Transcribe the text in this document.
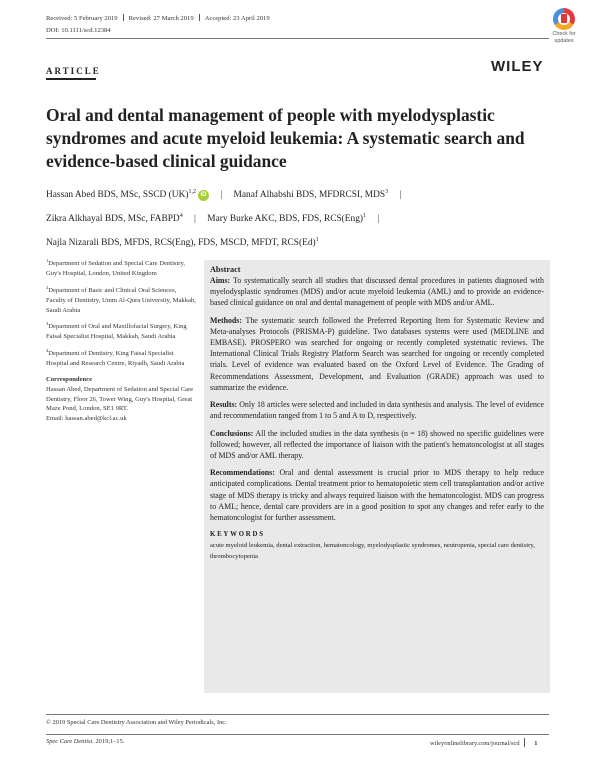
Received: 5 February 2019 Revised: 27 March 2019 Accepted: 23 April 2019
DOI: 10.1111/scd.12384	Check for
updates
ARTICLE	WILEY
Oral and dental management of people with myelodysplastic syndromes and acute myeloid leukemia: A systematic search and evidence-based clinical guidance
Hassan Abed BDS, MSc, SSCD (UK)$^{1,2}$iD | Manaf Alhabshi BDS, MFDRCSI, MDS$^3$ |
Zikra Alkhayal BDS, MSc, FABPD$^4$ | Mary Burke AKC, BDS, FDS, RCS(Eng)$^1$ |
Najla Nizarali BDS, MFDS, RCS(Eng), FDS, MSCD, MFDT, $RCS(Ed)^1$
$^1$Department of Sedation and Special Care Dentistry, Guy's Hospital, London, United Kingdom
$^2$Department of Basic and Clinical Oral Sciences, Faculty of Dentistry, Umm Al-Qura University, Makkah, Saudi Arabia
$^3$Department of Oral and Maxillofacial Surgery, King Faisal Specialist Hospital, Makkah, Saudi Arabia
$^4$Department of Dentistry, King Faisal Specialist Hospital and Research Centre, Riyadh, Saudi Arabia
Correspondence
Hassan Abed, Department of Sedation and Special Care Dentistry, Floor 26, Tower Wing, Guy's Hospital, Great Maze Pond, London, SE1 9RT.
Email: hassan.abed@kcl.ac.uk
Abstract

Aims: To systematically search all studies that discussed dental procedures in patients diagnosed with myelodysplastic syndromes (MDS) and/or acute myeloid leukemia (AML) and to provide an evidence-based clinical guidance on oral and dental management of people with MDS and/or AML.

Methods: The systematic search followed the Preferred Reporting Item for Systematic Review and Meta-analyses Protocols (PRISMA-P) guideline. Two databases systems were used (MEDLINE and EMBASE). PROSPERO was searched for ongoing or recently completed systematic reviews. The International Clinical Trials Registry Platform Search was searched for ongoing or recently completed trials. Level of evidence was evaluated based on the Oxford Level of Evidence. The Grading of Recommendations Assessment, Development, and Evaluation (GRADE) approach was used to summarize the evidence.

Results: Only 18 articles were selected and included in data synthesis and analysis. The level of evidence and recommendation ranged from 1 to 5 and A to D, respectively.

Conclusions: All the included studies in the data synthesis (n = 18) showed no specific guidelines were followed; however, all reflected the importance of liaison with the patient's hematoncologist at all stages of MDS and/or AML therapy.

Recommendations: Oral and dental assessment is crucial prior to MDS therapy to help reduce anticipated complications. Dental treatment prior to hematopoietic stem cell transplantation and/or active stage of MDS therapy is tricky and always required liaison with the hematoncologist. MDS can progress to AML; hence, dental care providers are in a good position to spot any changes and refer early to the hematoncologist for further assessment.

KEYWORDS
acute myeloid leukemia, dental extraction, hematoncology, myelodysplastic syndromes, neutropenia, special care dentistry, thrombocytopenia
© 2019 Special Care Dentistry Association and Wiley Periodicals, Inc.
Spec Care Dentist. 2019;1–15.	wileyonlinelibrary.com/journal/scd 1
